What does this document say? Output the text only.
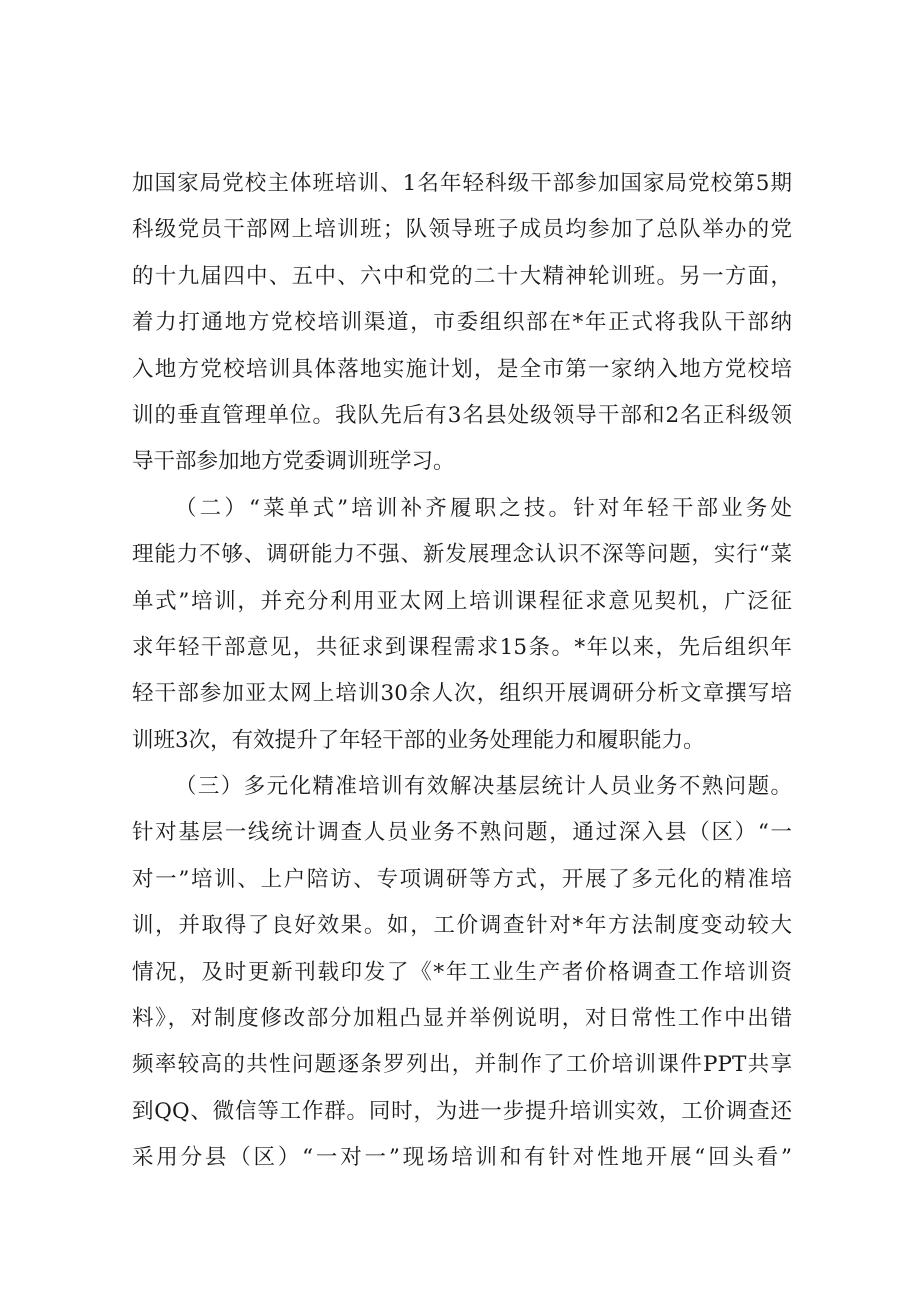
加国家局党校主体班培训、1名年轻科级干部参加国家局党校第5期
科级党员干部网上培训班；队领导班子成员均参加了总队举办的党
的十九届四中、五中、六中和党的二十大精神轮训班。另一方面，
着力打通地方党校培训渠道，市委组织部在*年正式将我队干部纳
入地方党校培训具体落地实施计划，是全市第一家纳入地方党校培
训的垂直管理单位。我队先后有3名县处级领导干部和2名正科级领
导干部参加地方党委调训班学习。
（二）“菜单式”培训补齐履职之技。针对年轻干部业务处
理能力不够、调研能力不强、新发展理念认识不深等问题，实行“菜
单式”培训，并充分利用亚太网上培训课程征求意见契机，广泛征
求年轻干部意见，共征求到课程需求15条。*年以来，先后组织年
轻干部参加亚太网上培训30余人次，组织开展调研分析文章撰写培
训班3次，有效提升了年轻干部的业务处理能力和履职能力。
（三）多元化精准培训有效解决基层统计人员业务不熟问题。
针对基层一线统计调查人员业务不熟问题，通过深入县（区）“一
对一”培训、上户陪访、专项调研等方式，开展了多元化的精准培
训，并取得了良好效果。如，工价调查针对*年方法制度变动较大
情况，及时更新刊载印发了《*年工业生产者价格调查工作培训资
料》，对制度修改部分加粗凸显并举例说明，对日常性工作中出错
频率较高的共性问题逐条罗列出，并制作了工价培训课件PPT共享
到QQ、微信等工作群。同时，为进一步提升培训实效，工价调查还
采用分县（区）“一对一”现场培训和有针对性地开展“回头看”
